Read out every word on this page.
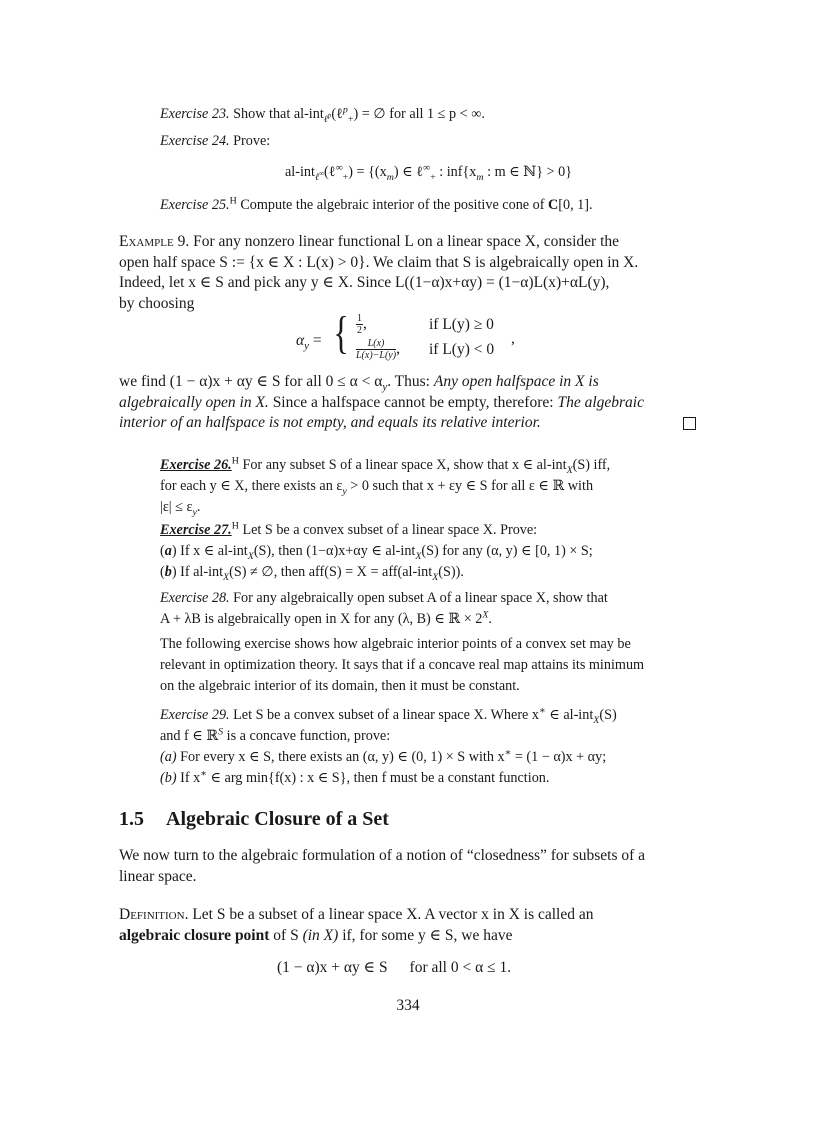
Exercise 23. Show that al-int$_{\ell^p}$(ℓ$^p_+$) = ∅ for all 1 ≤ p < ∞.

Exercise 24. Prove:

al-int$_{\ell^\infty}$(ℓ∞$_+$) = {$(x_m)$ ∈ ℓ∞$_+$ : $inf\{x_m$ : m ∈ ℕ} > 0}

Exercise 25.$^H$ Compute the algebraic interior of the positive cone of C[0, 1].

Example 9. For any nonzero linear functional L on a linear space X, consider the
open half space S := {x ∈ X : L(x) > 0}. We claim that S is algebraically open in X.
Indeed, let x ∈ S and pick any y ∈ X. Since L((1−α)x+αy) = (1−α)L(x)+αL(y),
by choosing

$\alpha_y$ = { $\frac{1}{2}$ ,	if L(y) ≥ 0
$\frac{L(x)}{L(x)-L(y)}$ , if L(y) < 0
,

we find (1 − α)x + αy ∈ S for all $0 \le \alpha < \alpha_y$. Thus: Any open halfspace in X is
algebraically open in X. Since a halfspace cannot be empty, therefore: The algebraic
interior of an halfspace is not empty, and equals its relative interior.

Exercise 26.$^H$ For any subset S of a linear space X, show that x ∈ al-int$_X$(S) iff,
for each y ∈ X, there exists an $\varepsilon_y > 0$ such that x + εy ∈ S for all ε ∈ ℝ with
$|\varepsilon| \le \varepsilon_y$.

Exercise 27.$^H$ Let S be a convex subset of a linear space X. Prove:
(a) If x ∈ al-int$_X$(S), then (1−α)x+αy ∈ al-int$_X$(S) for any (α, y) ∈ [0, 1) × S;
(b) If al-int$_X$(S) ≠ ∅, then aff(S) = X = aff(al-int$_X$(S)).

Exercise 28. For any algebraically open subset A of a linear space X, show that
A + λB is algebraically open in X for any (λ, B) ∈ ℝ × $2^X$.

The following exercise shows how algebraic interior points of a convex set may be
relevant in optimization theory. It says that if a concave real map attains its minimum
on the algebraic interior of its domain, then it must be constant.

Exercise 29. Let S be a convex subset of a linear space X. Where x∗ ∈ al-int$_X$(S)
and f ∈ ℝ$^S$ is a concave function, prove:
(a) For every x ∈ S, there exists an (α, y) ∈ (0, 1) × S with x∗ = (1 − α)x + αy;
(b) If x∗ ∈ arg min{f(x) : x ∈ S}, then f must be a constant function.

1.5 Algebraic Closure of a Set

We now turn to the algebraic formulation of a notion of “closedness” for subsets of a
linear space.

Definition. Let S be a subset of a linear space X. A vector x in X is called an
algebraic closure point of S (in X) if, for some y ∈ S, we have

(1 − α)x + αy ∈ S for all 0 < α ≤ 1.
334
